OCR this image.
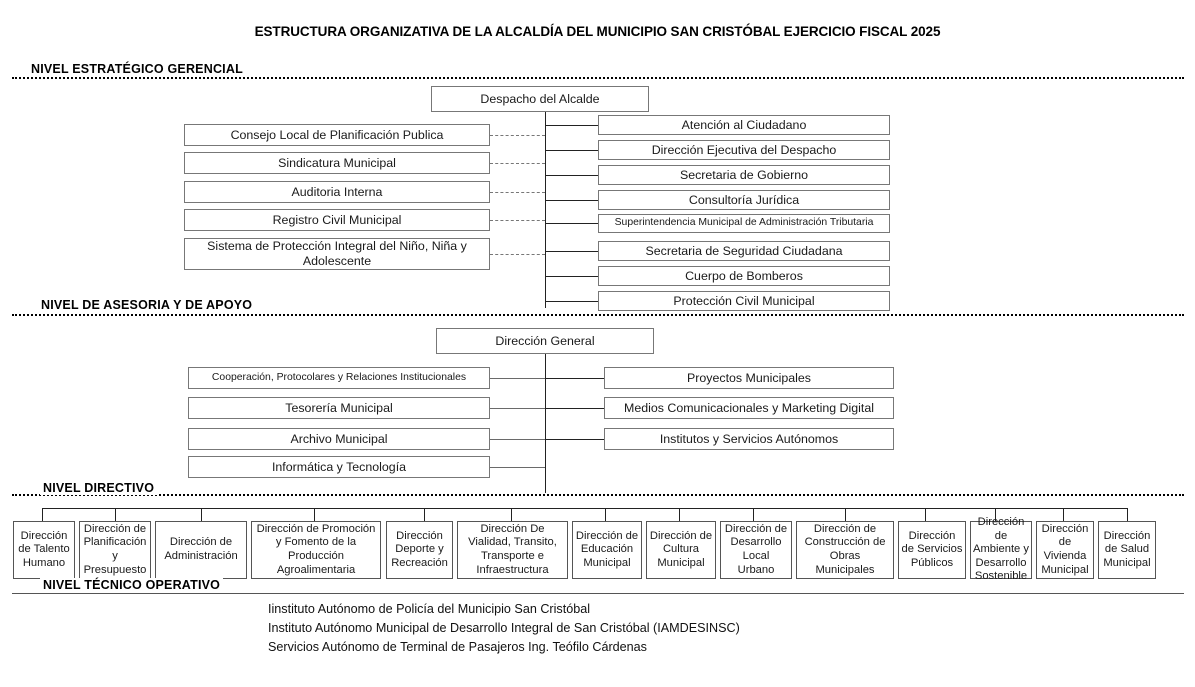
ESTRUCTURA ORGANIZATIVA DE LA ALCALDÍA DEL MUNICIPIO SAN CRISTÓBAL EJERCICIO FISCAL 2025
NIVEL ESTRATÉGICO GERENCIAL
Despacho del Alcalde
Consejo Local de Planificación Publica
Sindicatura Municipal
Auditoria Interna
Registro Civil Municipal
Sistema de Protección Integral del Niño, Niña y Adolescente
Atención al Ciudadano
Dirección Ejecutiva del Despacho
Secretaria de Gobierno
Consultoría Jurídica
Superintendencia Municipal de Administración Tributaria
Secretaria de Seguridad Ciudadana
Cuerpo de Bomberos
Protección Civil Municipal
NIVEL DE ASESORIA Y DE APOYO
Dirección General
Cooperación, Protocolares y Relaciones Institucionales
Tesorería Municipal
Archivo Municipal
Informática y Tecnología
Proyectos Municipales
Medios Comunicacionales y Marketing Digital
Institutos y Servicios Autónomos
NIVEL DIRECTIVO
Dirección de Talento Humano
Dirección de Planificación y Presupuesto
Dirección de Administración
Dirección de Promoción y Fomento de la Producción Agroalimentaria
Dirección Deporte y Recreación
Dirección De Vialidad, Transito, Transporte e Infraestructura
Dirección de Educación Municipal
Dirección de Cultura Municipal
Dirección de Desarrollo Local Urbano
Dirección de Construcción de Obras Municipales
Dirección de Servicios Públicos
Dirección de Ambiente y Desarrollo Sostenible
Dirección de Vivienda Municipal
Dirección de Salud Municipal
NIVEL TÉCNICO OPERATIVO
Iinstituto Autónomo de Policía del Municipio San Cristóbal
Instituto Autónomo Municipal de Desarrollo Integral de San Cristóbal (IAMDESINSC)
Servicios Autónomo de Terminal de Pasajeros Ing. Teófilo Cárdenas
